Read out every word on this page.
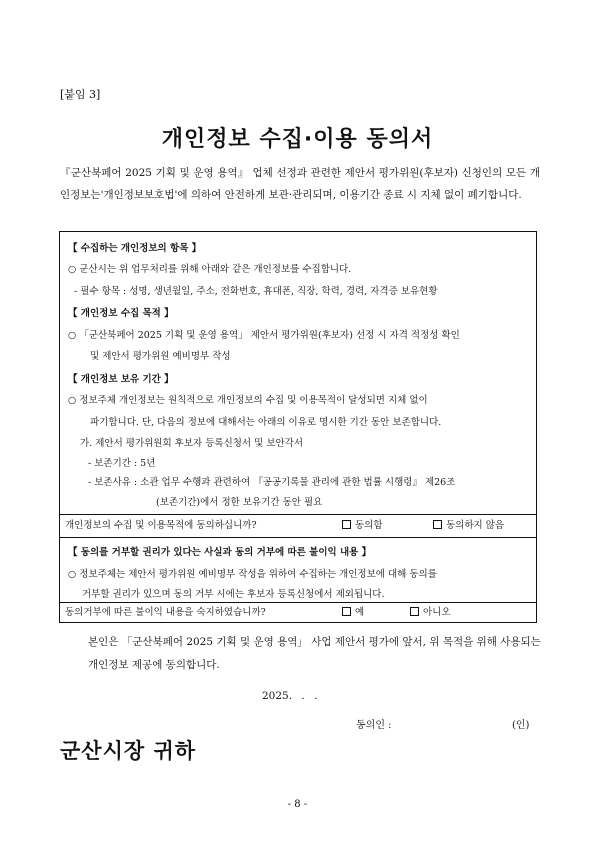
[붙임 3]
개인정보 수집·이용 동의서
『군산북페어 2025 기획 및 운영 용역』 업체 선정과 관련한 제안서 평가위원(후보자) 신청인의 모든 개인정보는'개인정보보호법'에 의하여 안전하게 보관·관리되며, 이용기간 종료 시 지체 없이 폐기합니다.
【 수집하는 개인정보의 항목 】
○ 군산시는 위 업무처리를 위해 아래와 같은 개인정보를 수집합니다.
- 필수 항목 : 성명, 생년월일, 주소, 전화번호, 휴대폰, 직장, 학력, 경력, 자격증 보유현황
【 개인정보 수집 목적 】
○ 「군산북페어 2025 기획 및 운영 용역」 제안서 평가위원(후보자) 선정 시 자격 적정성 확인
및 제안서 평가위원 예비명부 작성
【 개인정보 보유 기간 】
○ 정보주체 개인정보는 원칙적으로 개인정보의 수집 및 이용목적이 달성되면 지체 없이
파기합니다. 단, 다음의 정보에 대해서는 아래의 이유로 명시한 기간 동안 보존합니다.
가. 제안서 평가위원회 후보자 등록신청서 및 보안각서
- 보존기간 : 5년
- 보존사유 : 소관 업무 수행과 관련하여 『공공기록물 관리에 관한 법률 시행령』 제26조
(보존기간)에서 정한 보유기간 동안 필요
개인정보의 수집 및 이용목적에 동의하십니까?	동의함	동의하지 않음
【 동의를 거부할 권리가 있다는 사실과 동의 거부에 따른 불이익 내용 】
○ 정보주체는 제안서 평가위원 예비명부 작성을 위하여 수집하는 개인정보에 대해 동의를
거부할 권리가 있으며 동의 거부 시에는 후보자 등록신청에서 제외됩니다.
동의거부에 따른 불이익 내용을 숙지하였습니까?	예	아니오
본인은 「군산북페어 2025 기획 및 운영 용역」 사업 제안서 평가에 앞서, 위 목적을 위해 사용되는 개인정보 제공에 동의합니다.
2025. . .
동의인 :	(인)
군산시장 귀하
- 8 -
